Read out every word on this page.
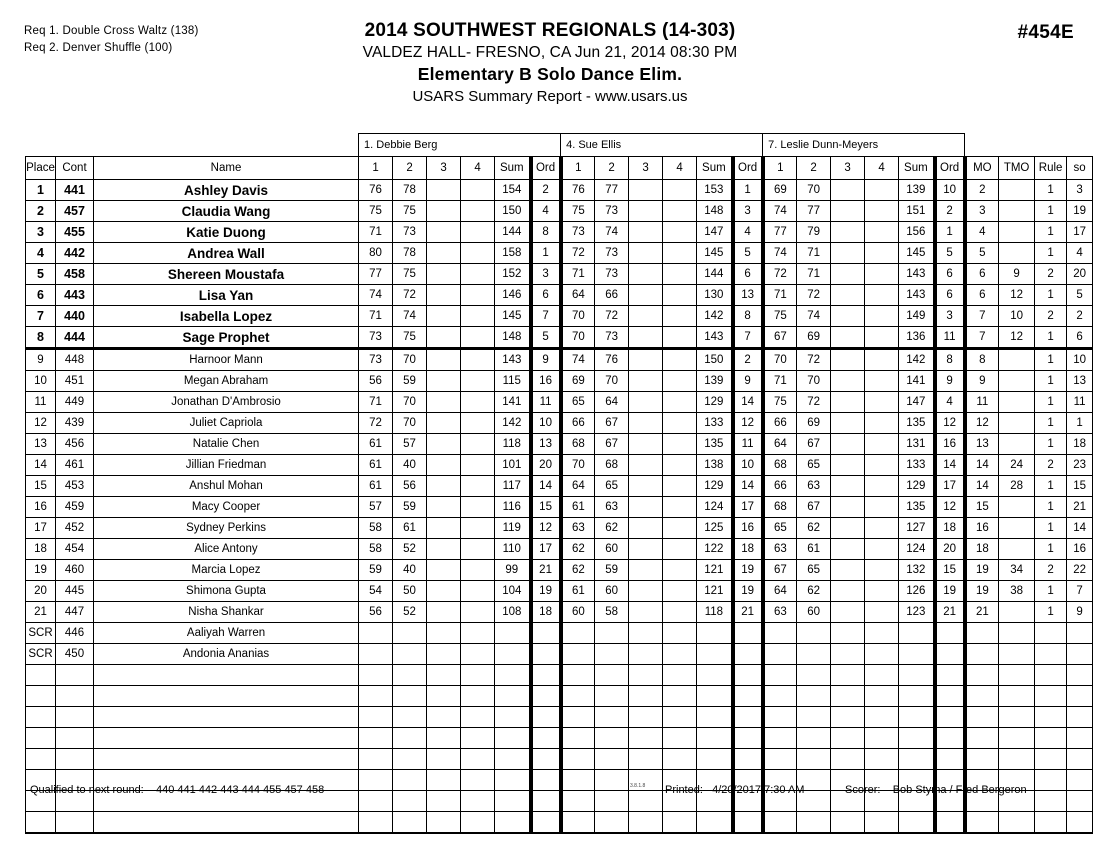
Req 1. Double Cross Waltz (138)
Req 2. Denver Shuffle (100)
2014 SOUTHWEST REGIONALS (14-303)
VALDEZ HALL- FRESNO, CA Jun 21, 2014 08:30 PM
Elementary B Solo Dance Elim.
USARS Summary Report - www.usars.us
#454E
			1. Debbie Berg						4. Sue Ellis						7. Leslie Dunn-Meyers									
Place	Cont	Name	1	2	3	4	Sum	Ord	1	2	3	4	Sum	Ord	1	2	3	4	Sum	Ord	MO	TMO	Rule	so
1	441	Ashley Davis	76	78			154	2	76	77			153	1	69	70			139	10	2		1	3
2	457	Claudia Wang	75	75			150	4	75	73			148	3	74	77			151	2	3		1	19
3	455	Katie Duong	71	73			144	8	73	74			147	4	77	79			156	1	4		1	17
4	442	Andrea Wall	80	78			158	1	72	73			145	5	74	71			145	5	5		1	4
5	458	Shereen Moustafa	77	75			152	3	71	73			144	6	72	71			143	6	6	9	2	20
6	443	Lisa Yan	74	72			146	6	64	66			130	13	71	72			143	6	6	12	1	5
7	440	Isabella Lopez	71	74			145	7	70	72			142	8	75	74			149	3	7	10	2	2
8	444	Sage Prophet	73	75			148	5	70	73			143	7	67	69			136	11	7	12	1	6
9	448	Harnoor Mann	73	70			143	9	74	76			150	2	70	72			142	8	8		1	10
10	451	Megan Abraham	56	59			115	16	69	70			139	9	71	70			141	9	9		1	13
11	449	Jonathan D'Ambrosio	71	70			141	11	65	64			129	14	75	72			147	4	11		1	11
12	439	Juliet Capriola	72	70			142	10	66	67			133	12	66	69			135	12	12		1	1
13	456	Natalie Chen	61	57			118	13	68	67			135	11	64	67			131	16	13		1	18
14	461	Jillian Friedman	61	40			101	20	70	68			138	10	68	65			133	14	14	24	2	23
15	453	Anshul Mohan	61	56			117	14	64	65			129	14	66	63			129	17	14	28	1	15
16	459	Macy Cooper	57	59			116	15	61	63			124	17	68	67			135	12	15		1	21
17	452	Sydney Perkins	58	61			119	12	63	62			125	16	65	62			127	18	16		1	14
18	454	Alice Antony	58	52			110	17	62	60			122	18	63	61			124	20	18		1	16
19	460	Marcia Lopez	59	40			99	21	62	59			121	19	67	65			132	15	19	34	2	22
20	445	Shimona Gupta	54	50			104	19	61	60			121	19	64	62			126	19	19	38	1	7
21	447	Nisha Shankar	56	52			108	18	60	58			118	21	63	60			123	21	21		1	9
SCR	446	Aaliyah Warren																						
SCR	450	Andonia Ananias																						

Qualified to next round: 440 441 442 443 444 455 457 458	3.8.1.8 Printed: 4/20/2017 7:30 AM	Scorer: Bob Styma / Fred Bergeron
